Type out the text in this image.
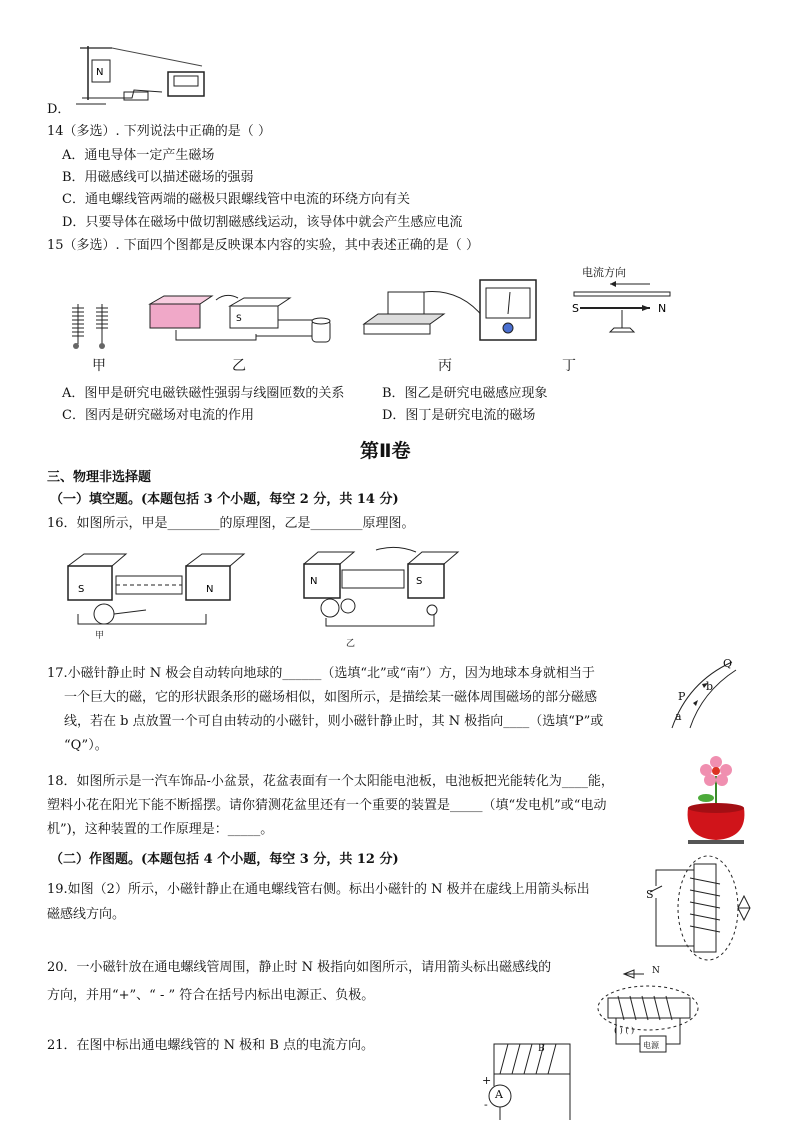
N
D．
14（多选）. 下列说法中正确的是（ ）
A．通电导体一定产生磁场
B．用磁感线可以描述磁场的强弱
C．通电螺线管两端的磁极只跟螺线管中电流的环绕方向有关
D．只要导体在磁场中做切割磁感线运动，该导体中就会产生感应电流
15（多选）. 下面四个图都是反映课本内容的实验，其中表述正确的是（ ）
S
S	N
电流方向
甲	乙	丙	丁
A．图甲是研究电磁铁磁性强弱与线圈匝数的关系	B．图乙是研究电磁感应现象
C．图丙是研究磁场对电流的作用	D．图丁是研究电流的磁场
第Ⅱ卷
三、物理非选择题
（一）填空题。(本题包括 3 个小题，每空 2 分，共 14 分)
16．如图所示，甲是________的原理图，乙是________原理图。
S	N
甲
N	S
乙
17.小磁针静止时 N 极会自动转向地球的______（选填“北”或“南”）方，因为地球本身就相当于
一个巨大的磁，它的形状跟条形的磁场相似，如图所示，是描绘某一磁体周围磁场的部分磁感
线，若在 b 点放置一个可自由转动的小磁针，则小磁针静止时，其 N 极指向____（选填“P”或
“Q”）。
Q
P
b
a
18．如图所示是一汽车饰品-小盆景，花盆表面有一个太阳能电池板，电池板把光能转化为____能，
塑料小花在阳光下能不断摇摆。请你猜测花盆里还有一个重要的装置是_____（填“发电机”或“电动
机”)，这种装置的工作原理是：_____。
（二）作图题。(本题包括 4 个小题，每空 3 分，共 12 分)
19.如图（2）所示，小磁针静止在通电螺线管右侧。标出小磁针的 N 极并在虚线上用箭头标出
磁感线方向。
S
20．一小磁针放在通电螺线管周围，静止时 N 极指向如图所示，请用箭头标出磁感线的
方向，并用“+”、“ - ” 符合在括号内标出电源正、负极。
N
电源
( ) ( )
21．在图中标出通电螺线管的 N 极和 B 点的电流方向。	B
A
+
-
